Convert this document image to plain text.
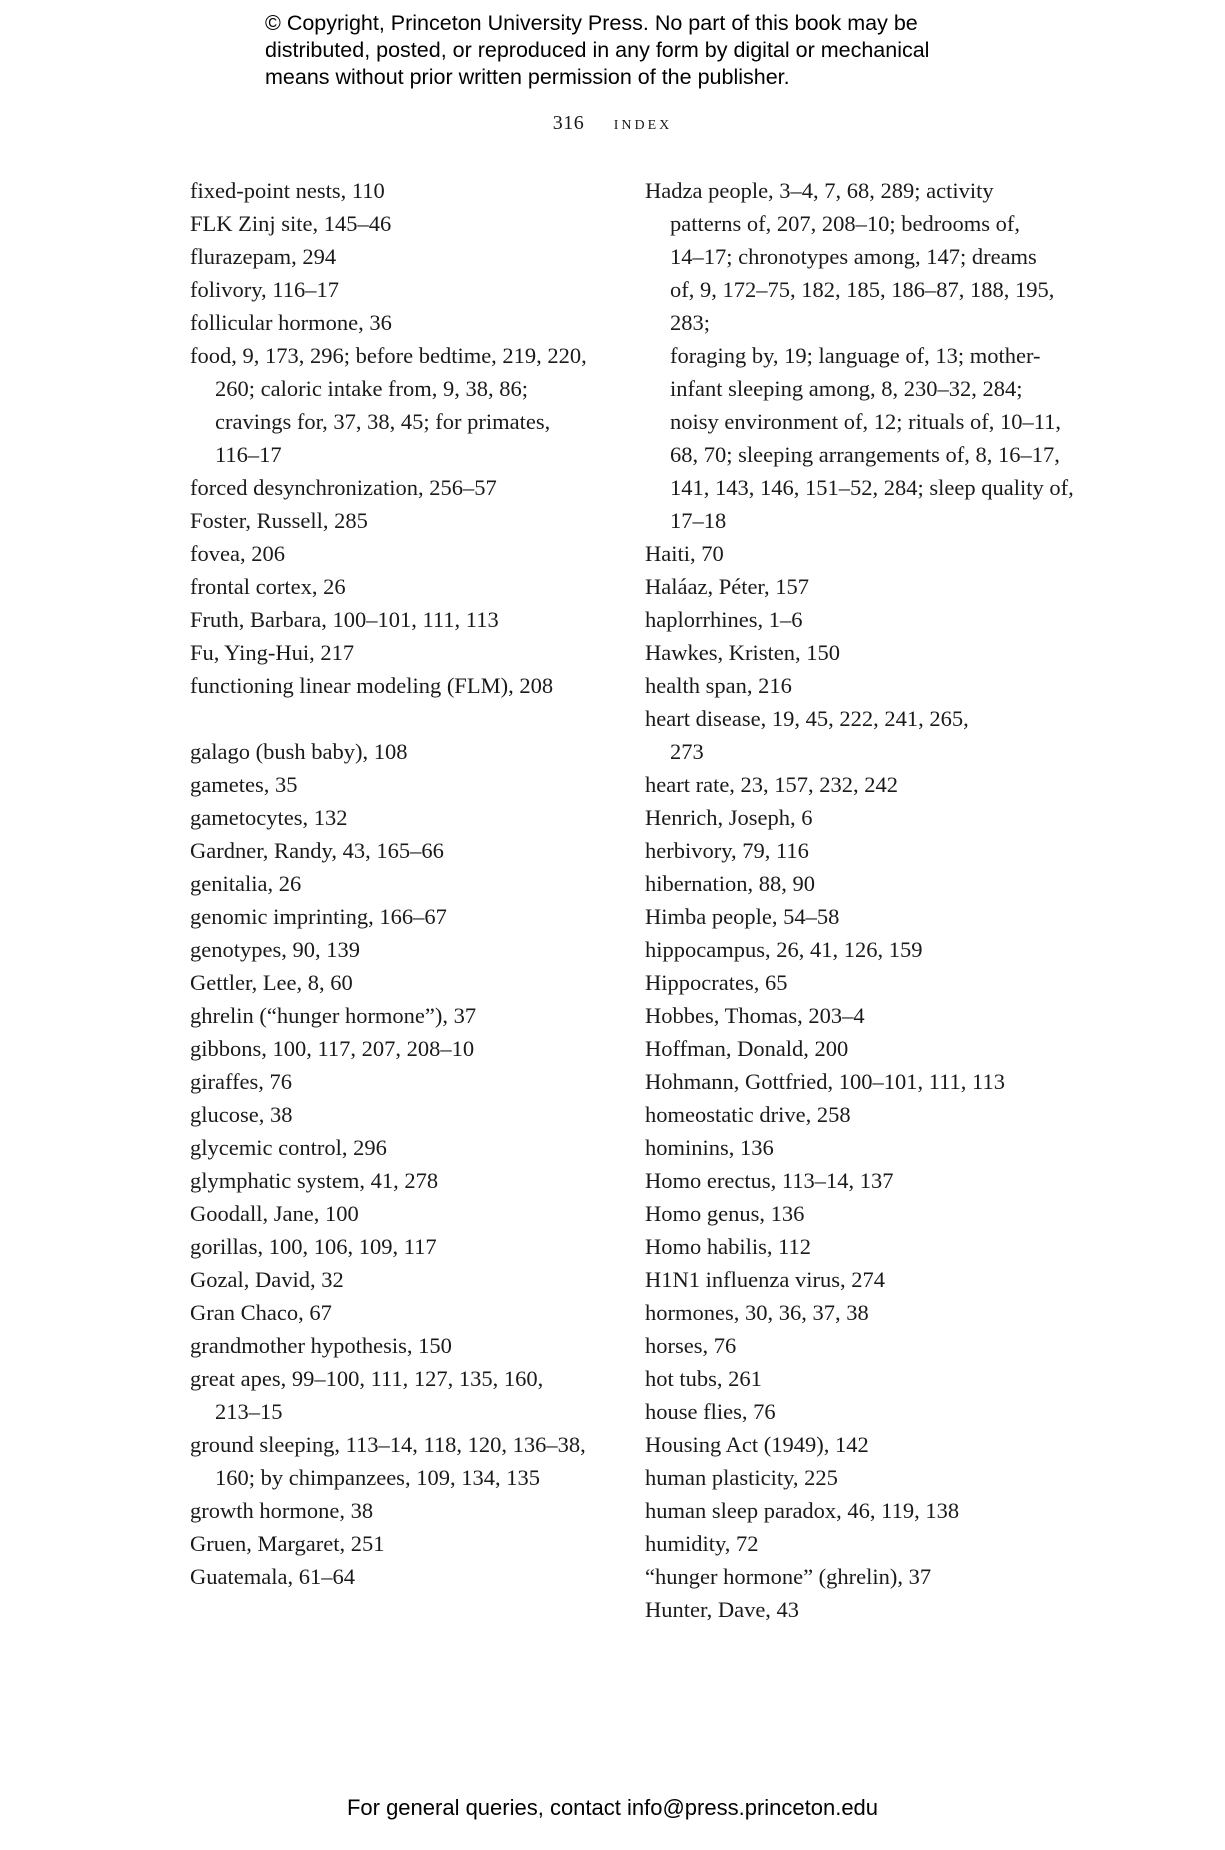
© Copyright, Princeton University Press. No part of this book may be
distributed, posted, or reproduced in any form by digital or mechanical
means without prior written permission of the publisher.
316 index

fixed-point nests, 110

FLK Zinj site, 145–46

flurazepam, 294

folivory, 116–17

follicular hormone, 36

food, 9, 173, 296; before bedtime, 219, 220,
260; caloric intake from, 9, 38, 86;
cravings for, 37, 38, 45; for primates,
116–17

forced desynchronization, 256–57

Foster, Russell, 285

fovea, 206

frontal cortex, 26

Fruth, Barbara, 100–101, 111, 113

Fu, Ying-Hui, 217

functioning linear modeling (FLM), 208

galago (bush baby), 108

gametes, 35

gametocytes, 132

Gardner, Randy, 43, 165–66

genitalia, 26

genomic imprinting, 166–67

genotypes, 90, 139

Gettler, Lee, 8, 60

ghrelin (“hunger hormone”), 37

gibbons, 100, 117, 207, 208–10

giraffes, 76

glucose, 38

glycemic control, 296

glymphatic system, 41, 278

Goodall, Jane, 100

gorillas, 100, 106, 109, 117

Gozal, David, 32

Gran Chaco, 67

grandmother hypothesis, 150

great apes, 99–100, 111, 127, 135, 160,
213–15

ground sleeping, 113–14, 118, 120, 136–38,
160; by chimpanzees, 109, 134, 135

growth hormone, 38

Gruen, Margaret, 251

Guatemala, 61–64

Hadza people, 3–4, 7, 68, 289; activity
patterns of, 207, 208–10; bedrooms of,
14–17; chronotypes among, 147; dreams
of, 9, 172–75, 182, 185, 186–87, 188, 195, 283;
foraging by, 19; language of, 13; mother-
infant sleeping among, 8, 230–32, 284;
noisy environment of, 12; rituals of, 10–11,
68, 70; sleeping arrangements of, 8, 16–17,
141, 143, 146, 151–52, 284; sleep quality of,
17–18

Haiti, 70

Haláaz, Péter, 157

haplorrhines, 1–6

Hawkes, Kristen, 150

health span, 216

heart disease, 19, 45, 222, 241, 265,
273

heart rate, 23, 157, 232, 242

Henrich, Joseph, 6

herbivory, 79, 116

hibernation, 88, 90

Himba people, 54–58

hippocampus, 26, 41, 126, 159

Hippocrates, 65

Hobbes, Thomas, 203–4

Hoffman, Donald, 200

Hohmann, Gottfried, 100–101, 111, 113

homeostatic drive, 258

hominins, 136

Homo erectus, 113–14, 137

Homo genus, 136

Homo habilis, 112

H1N1 influenza virus, 274

hormones, 30, 36, 37, 38

horses, 76

hot tubs, 261

house flies, 76

Housing Act (1949), 142

human plasticity, 225

human sleep paradox, 46, 119, 138

humidity, 72

“hunger hormone” (ghrelin), 37

Hunter, Dave, 43

For general queries, contact info@press.princeton.edu
